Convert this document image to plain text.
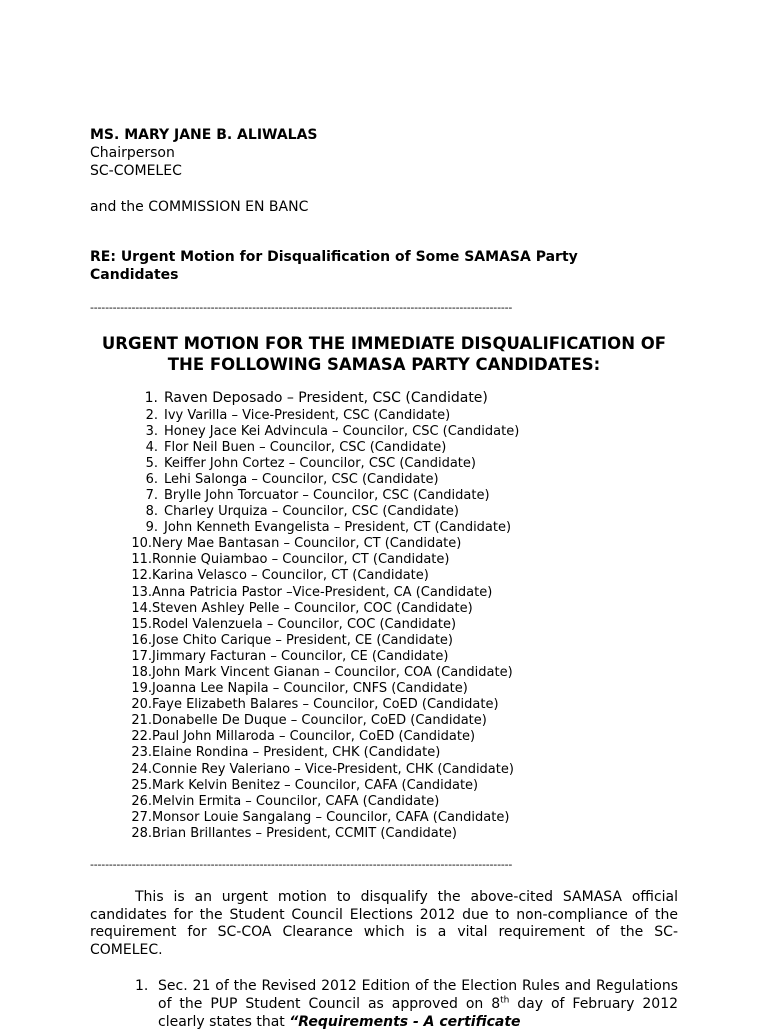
MS. MARY JANE B. ALIWALAS
Chairperson
SC-COMELEC
and the COMMISSION EN BANC
RE: Urgent Motion for Disqualification of Some SAMASA Party Candidates
----------------------------------------------------------------------------------------------------------------
URGENT MOTION FOR THE IMMEDIATE DISQUALIFICATION OF THE FOLLOWING SAMASA PARTY CANDIDATES:
1. Raven Deposado – President, CSC (Candidate)
2. Ivy Varilla – Vice-President, CSC (Candidate)
3. Honey Jace Kei Advincula – Councilor, CSC (Candidate)
4. Flor Neil Buen – Councilor, CSC (Candidate)
5. Keiffer John Cortez – Councilor, CSC (Candidate)
6. Lehi Salonga – Councilor, CSC (Candidate)
7. Brylle John Torcuator – Councilor, CSC (Candidate)
8. Charley Urquiza – Councilor, CSC (Candidate)
9. John Kenneth Evangelista – President, CT (Candidate)
10. Nery Mae Bantasan – Councilor, CT (Candidate)
11. Ronnie Quiambao – Councilor, CT (Candidate)
12. Karina Velasco – Councilor, CT (Candidate)
13. Anna Patricia Pastor –Vice-President, CA (Candidate)
14. Steven Ashley Pelle – Councilor, COC (Candidate)
15. Rodel Valenzuela – Councilor, COC (Candidate)
16. Jose Chito Carique – President, CE (Candidate)
17. Jimmary Facturan – Councilor, CE (Candidate)
18. John Mark Vincent Gianan – Councilor, COA (Candidate)
19. Joanna Lee Napila – Councilor, CNFS (Candidate)
20. Faye Elizabeth Balares – Councilor, CoED (Candidate)
21. Donabelle De Duque – Councilor, CoED (Candidate)
22. Paul John Millaroda – Councilor, CoED (Candidate)
23. Elaine Rondina – President, CHK (Candidate)
24. Connie Rey Valeriano – Vice-President, CHK (Candidate)
25. Mark Kelvin Benitez – Councilor, CAFA (Candidate)
26. Melvin Ermita – Councilor, CAFA (Candidate)
27. Monsor Louie Sangalang – Councilor, CAFA (Candidate)
28. Brian Brillantes – President, CCMIT (Candidate)
----------------------------------------------------------------------------------------------------------------
This is an urgent motion to disqualify the above-cited SAMASA official candidates for the Student Council Elections 2012 due to non-compliance of the requirement for SC-COA Clearance which is a vital requirement of the SC-COMELEC.
1. Sec. 21 of the Revised 2012 Edition of the Election Rules and Regulations of the PUP Student Council as approved on 8th day of February 2012 clearly states that “Requirements - A certificate
